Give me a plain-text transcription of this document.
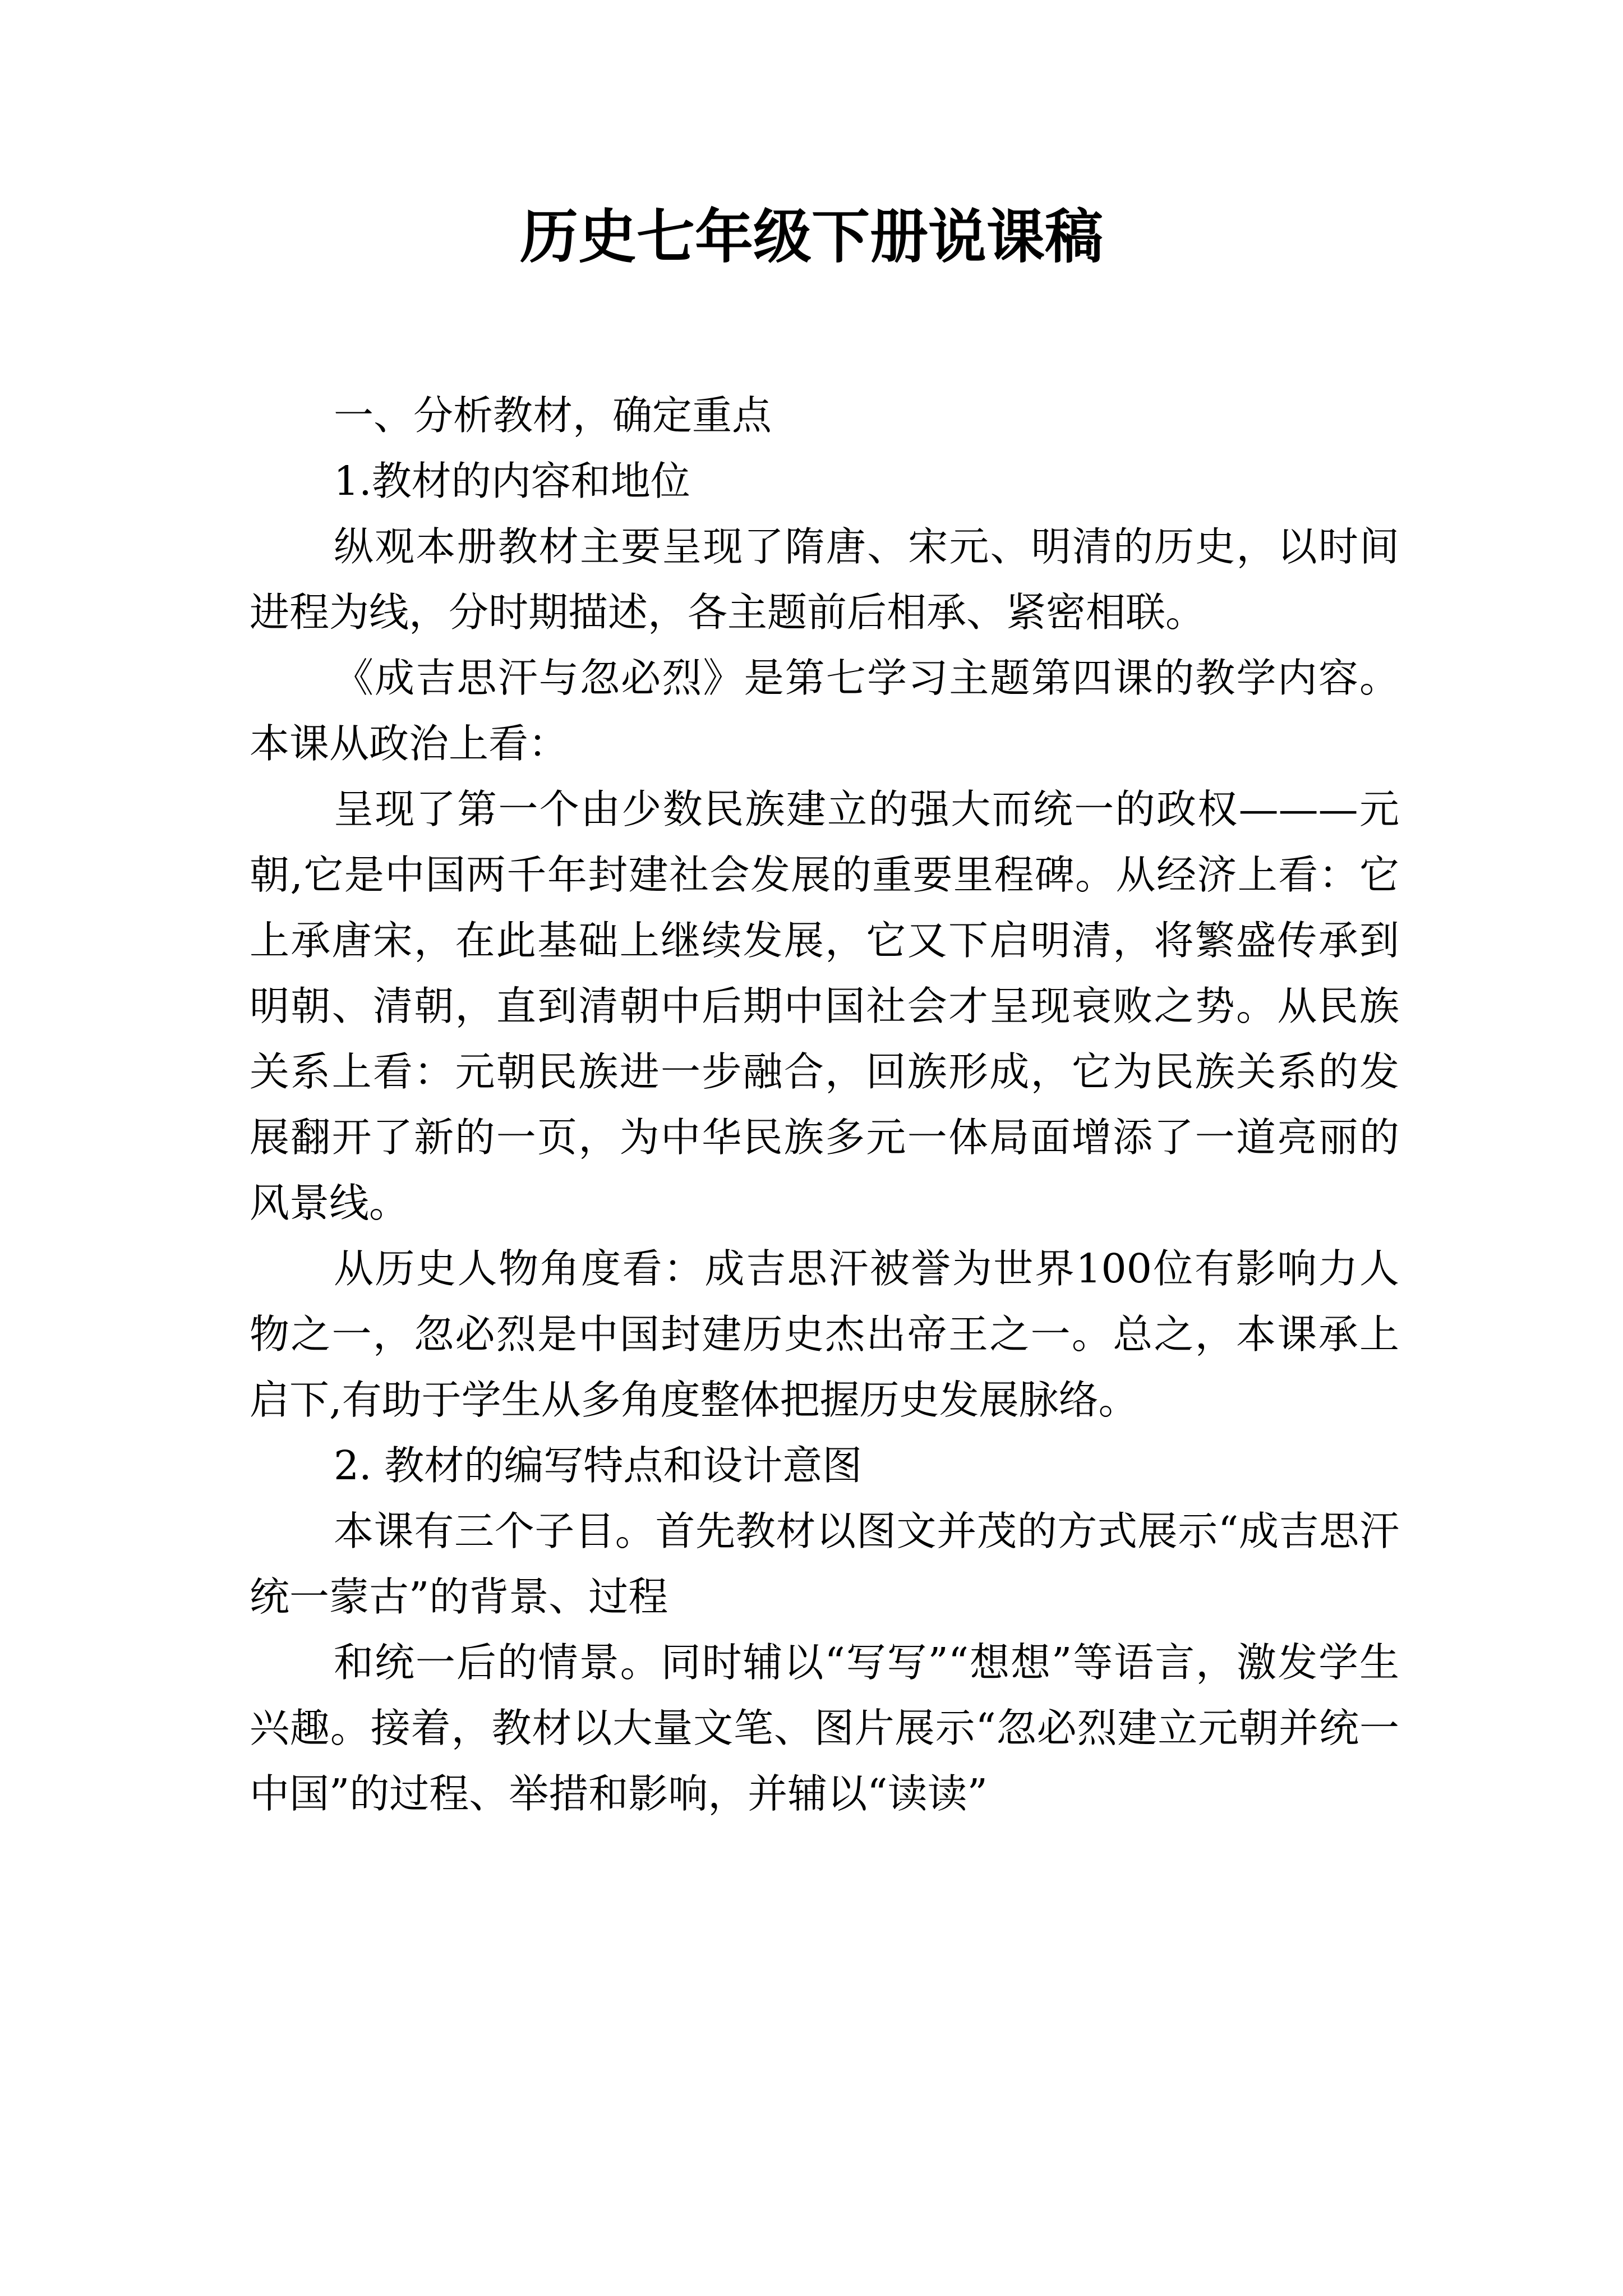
历史七年级下册说课稿

一、分析教材，确定重点

1.教材的内容和地位

纵观本册教材主要呈现了隋唐、宋元、明清的历史，以时间进程为线，分时期描述，各主题前后相承、紧密相联。

《成吉思汗与忽必烈》是第七学习主题第四课的教学内容。本课从政治上看：

呈现了第一个由少数民族建立的强大而统一的政权———元朝,它是中国两千年封建社会发展的重要里程碑。从经济上看：它上承唐宋，在此基础上继续发展，它又下启明清，将繁盛传承到明朝、清朝，直到清朝中后期中国社会才呈现衰败之势。从民族关系上看：元朝民族进一步融合，回族形成，它为民族关系的发展翻开了新的一页，为中华民族多元一体局面增添了一道亮丽的风景线。

从历史人物角度看：成吉思汗被誉为世界100位有影响力人物之一，忽必烈是中国封建历史杰出帝王之一。总之，本课承上启下,有助于学生从多角度整体把握历史发展脉络。

2. 教材的编写特点和设计意图

本课有三个子目。首先教材以图文并茂的方式展示“成吉思汗统一蒙古”的背景、过程

和统一后的情景。同时辅以“写写”“想想”等语言，激发学生兴趣。接着，教材以大量文笔、图片展示“忽必烈建立元朝并统一中国”的过程、举措和影响，并辅以“读读”
